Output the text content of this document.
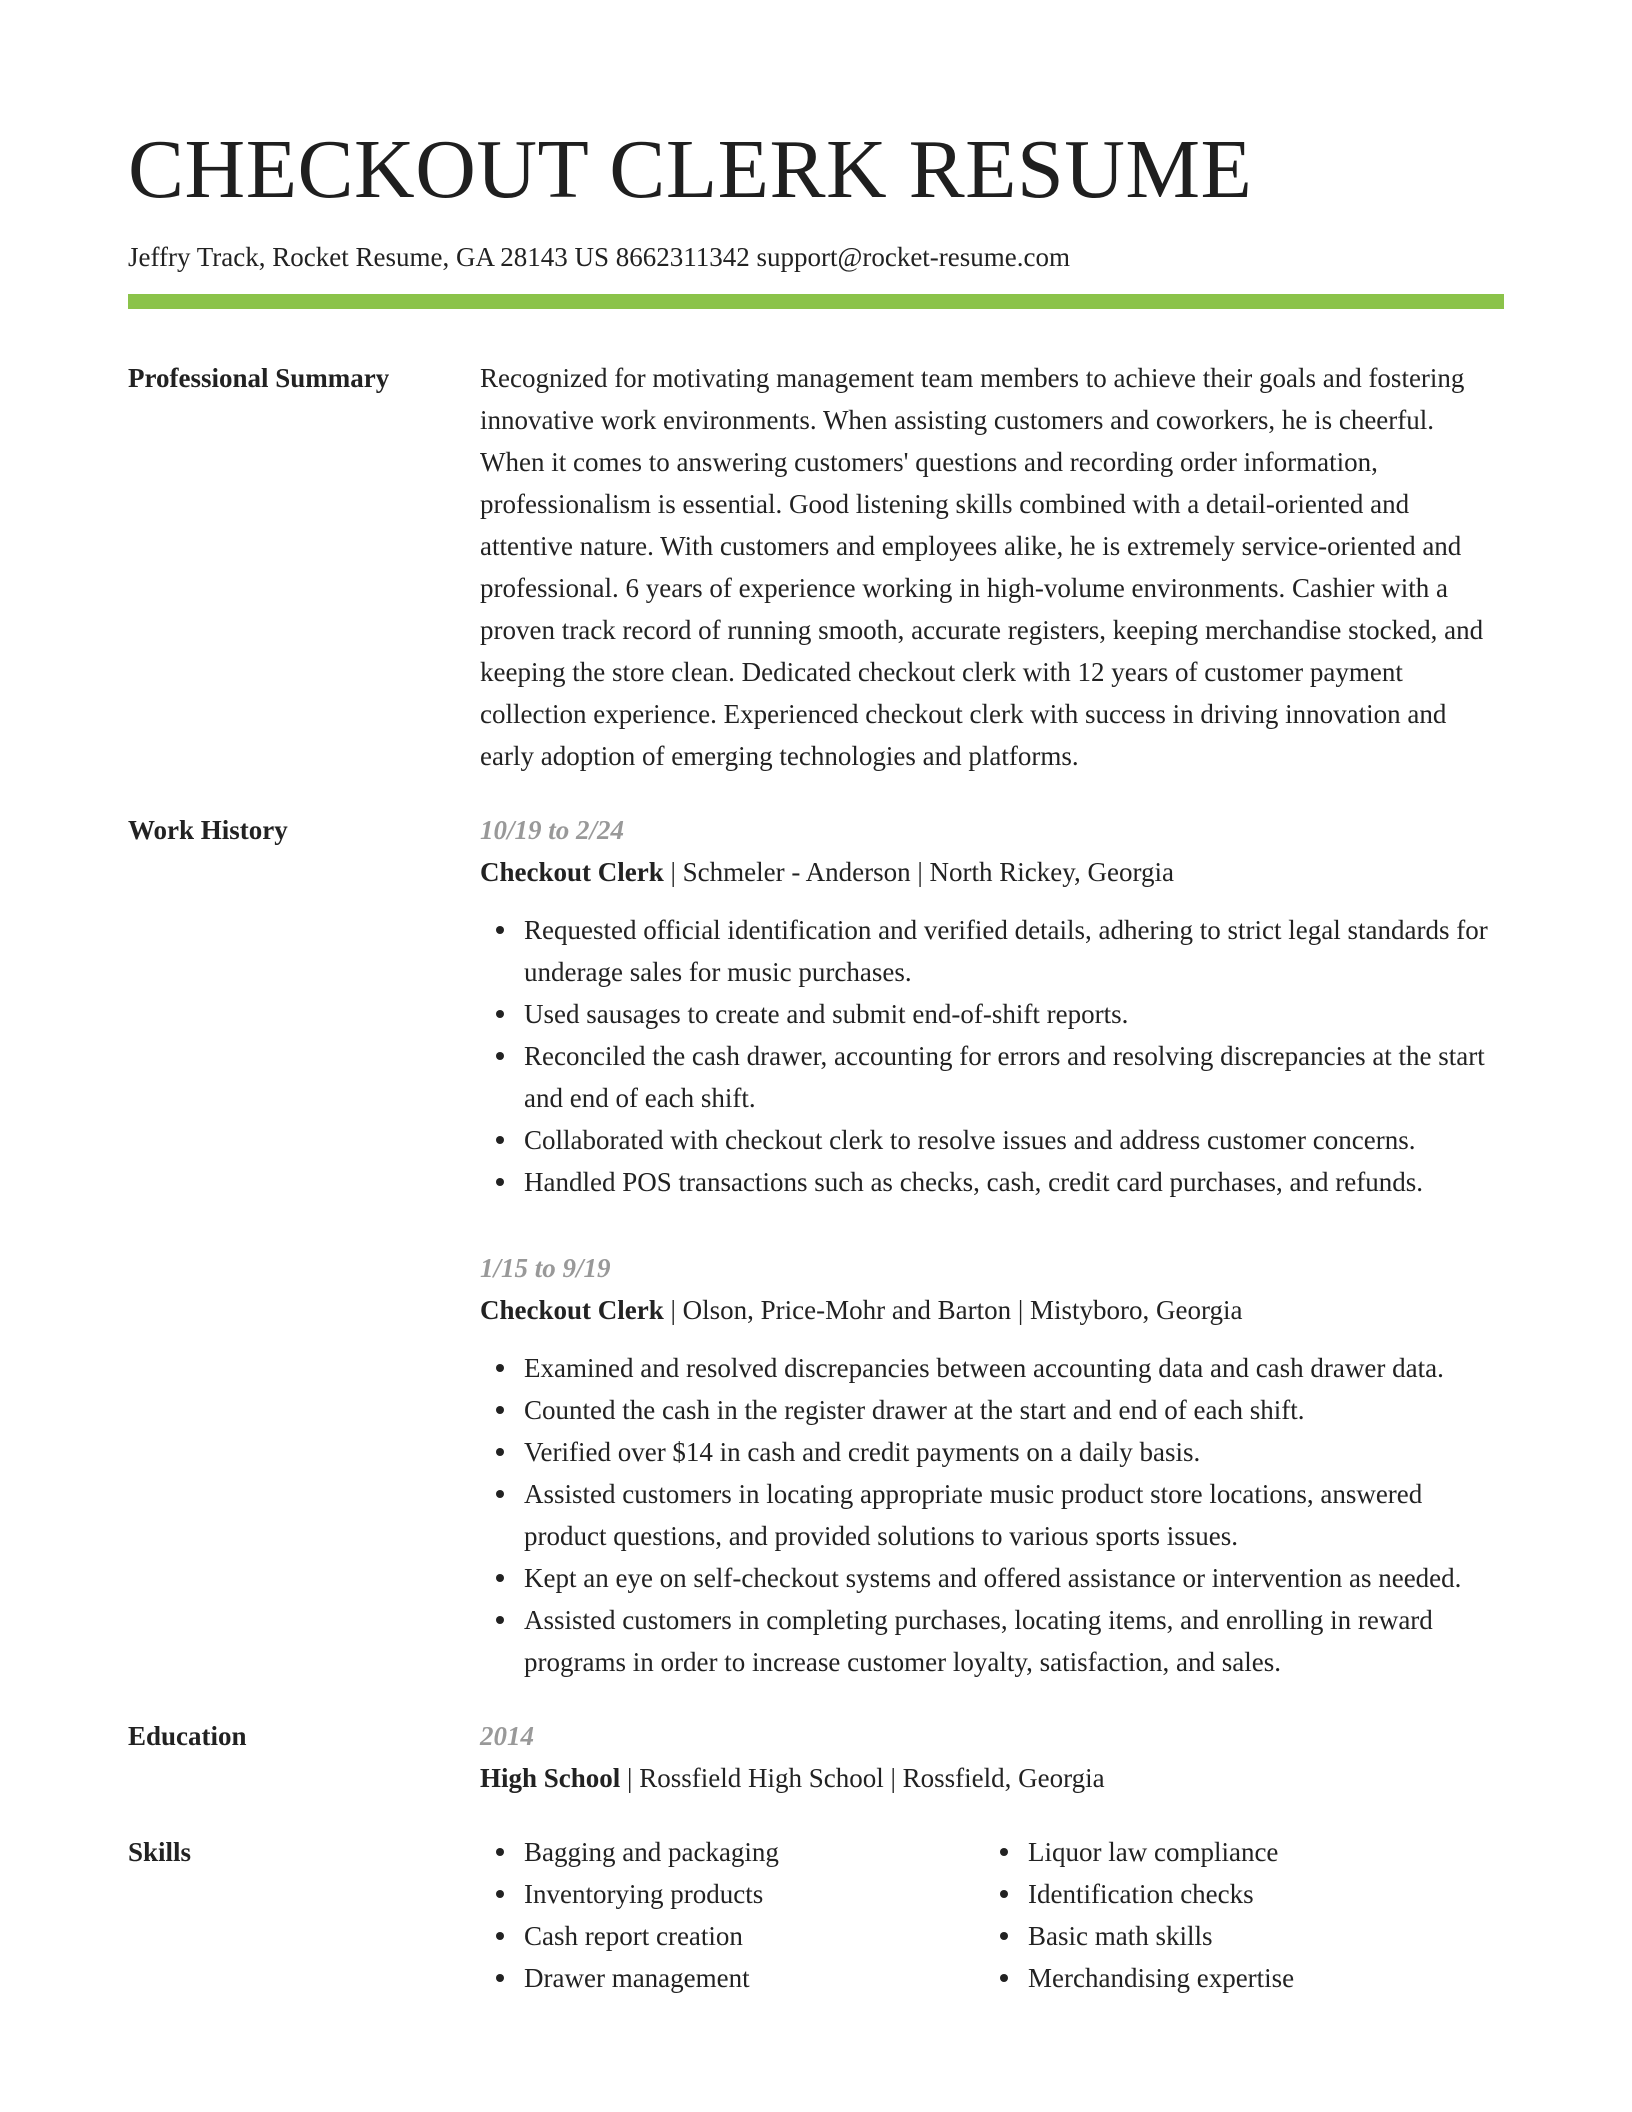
CHECKOUT CLERK RESUME
Jeffry Track, Rocket Resume, GA 28143 US 8662311342 support@rocket-resume.com
Professional Summary	Recognized for motivating management team members to achieve their goals and fostering innovative work environments. When assisting customers and coworkers, he is cheerful. When it comes to answering customers' questions and recording order information, professionalism is essential. Good listening skills combined with a detail-oriented and attentive nature. With customers and employees alike, he is extremely service-oriented and professional. 6 years of experience working in high-volume environments. Cashier with a proven track record of running smooth, accurate registers, keeping merchandise stocked, and keeping the store clean. Dedicated checkout clerk with 12 years of customer payment collection experience. Experienced checkout clerk with success in driving innovation and early adoption of emerging technologies and platforms.

Work History	10/19 to 2/24
Checkout Clerk | Schmeler - Anderson | North Rickey, Georgia
Requested official identification and verified details, adhering to strict legal standards for underage sales for music purchases.
Used sausages to create and submit end-of-shift reports.
Reconciled the cash drawer, accounting for errors and resolving discrepancies at the start and end of each shift.
Collaborated with checkout clerk to resolve issues and address customer concerns.
Handled POS transactions such as checks, cash, credit card purchases, and refunds.
1/15 to 9/19
Checkout Clerk | Olson, Price-Mohr and Barton | Mistyboro, Georgia
Examined and resolved discrepancies between accounting data and cash drawer data.
Counted the cash in the register drawer at the start and end of each shift.
Verified over $14 in cash and credit payments on a daily basis.
Assisted customers in locating appropriate music product store locations, answered product questions, and provided solutions to various sports issues.
Kept an eye on self-checkout systems and offered assistance or intervention as needed.
Assisted customers in completing purchases, locating items, and enrolling in reward programs in order to increase customer loyalty, satisfaction, and sales.
Education	2014
High School | Rossfield High School | Rossfield, Georgia
Skills	Bagging and packaging
Inventorying products
Cash report creation
Drawer management
Liquor law compliance
Identification checks
Basic math skills
Merchandising expertise
